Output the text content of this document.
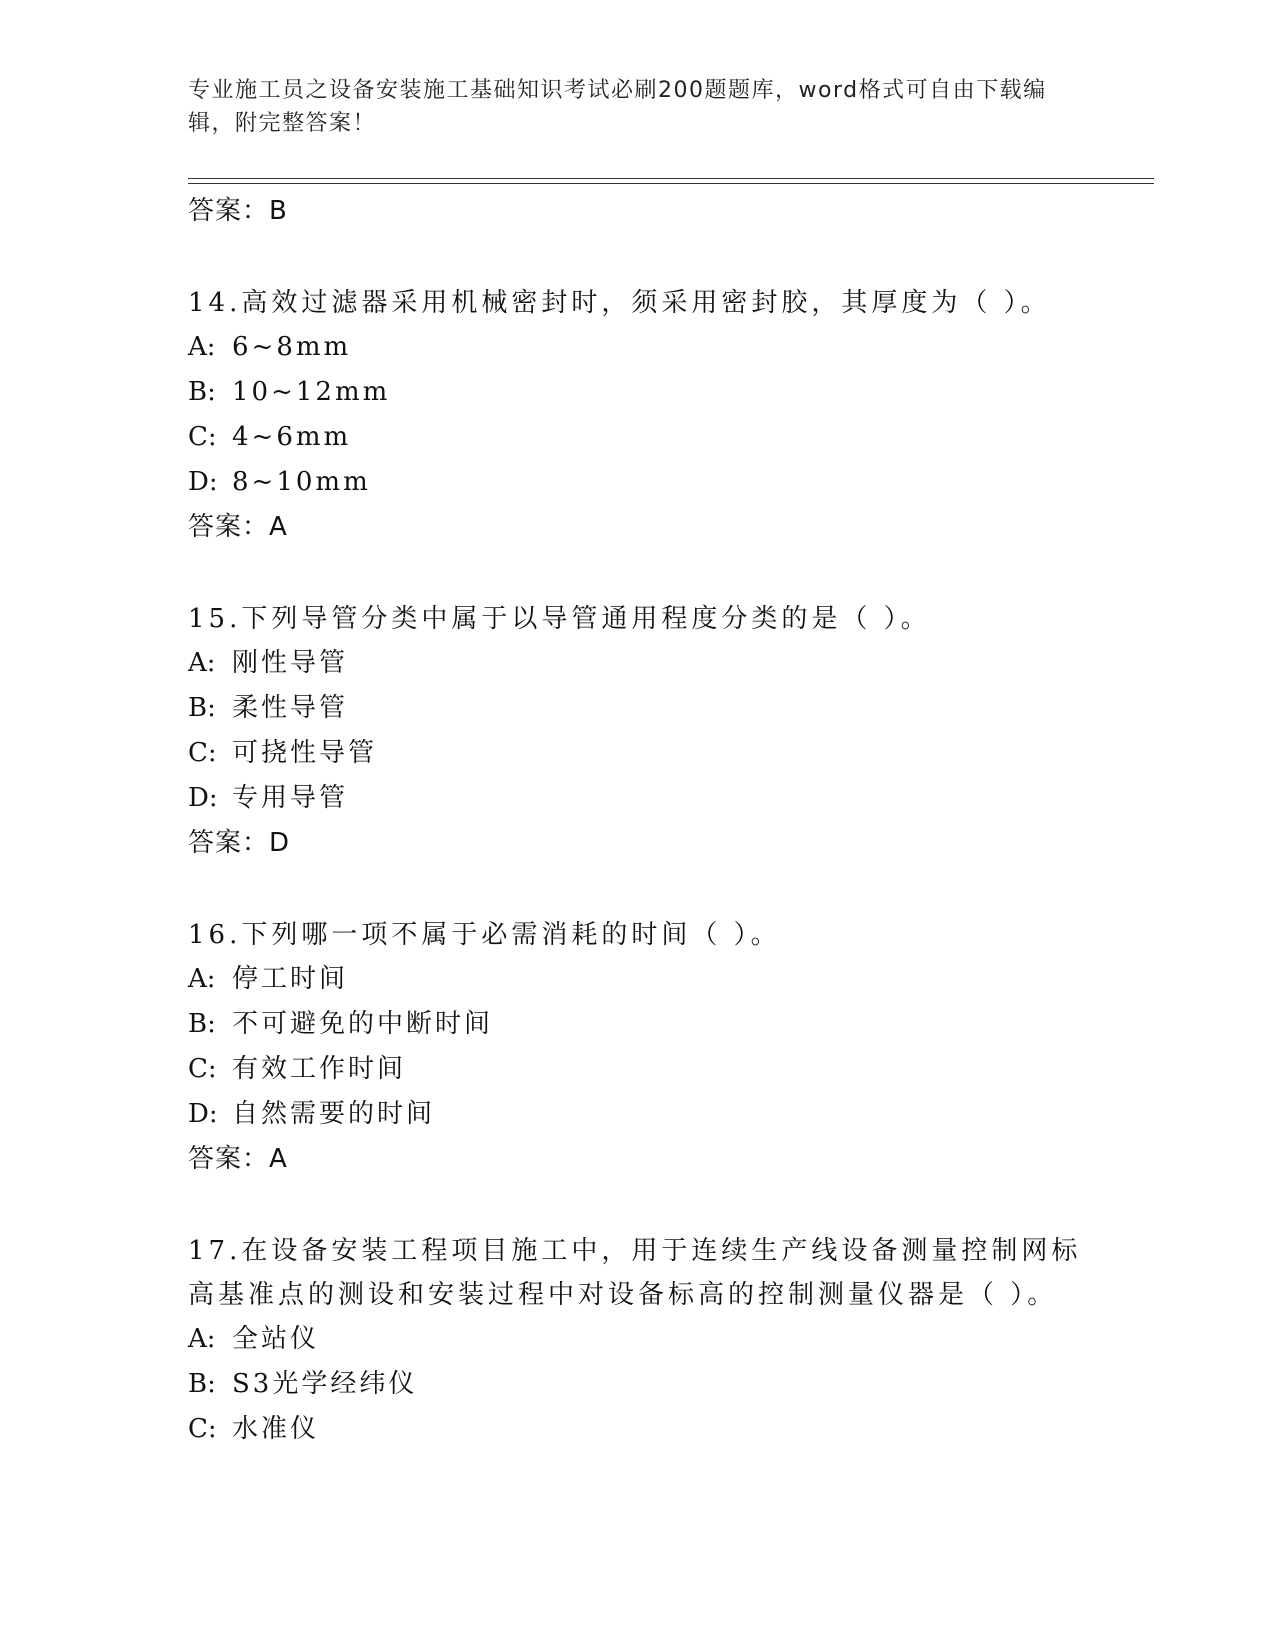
专业施工员之设备安装施工基础知识考试必刷200题题库，word格式可自由下载编辑，附完整答案！
答案：B
14.高效过滤器采用机械密封时，须采用密封胶，其厚度为（ ）。
A: 6~8mm
B: 10~12mm
C: 4~6mm
D: 8~10mm
答案：A
15.下列导管分类中属于以导管通用程度分类的是（ ）。
A: 刚性导管
B: 柔性导管
C: 可挠性导管
D: 专用导管
答案：D
16.下列哪一项不属于必需消耗的时间（ ）。
A: 停工时间
B: 不可避免的中断时间
C: 有效工作时间
D: 自然需要的时间
答案：A
17.在设备安装工程项目施工中，用于连续生产线设备测量控制网标高基准点的测设和安装过程中对设备标高的控制测量仪器是（ ）。
A: 全站仪
B: S3光学经纬仪
C: 水准仪
